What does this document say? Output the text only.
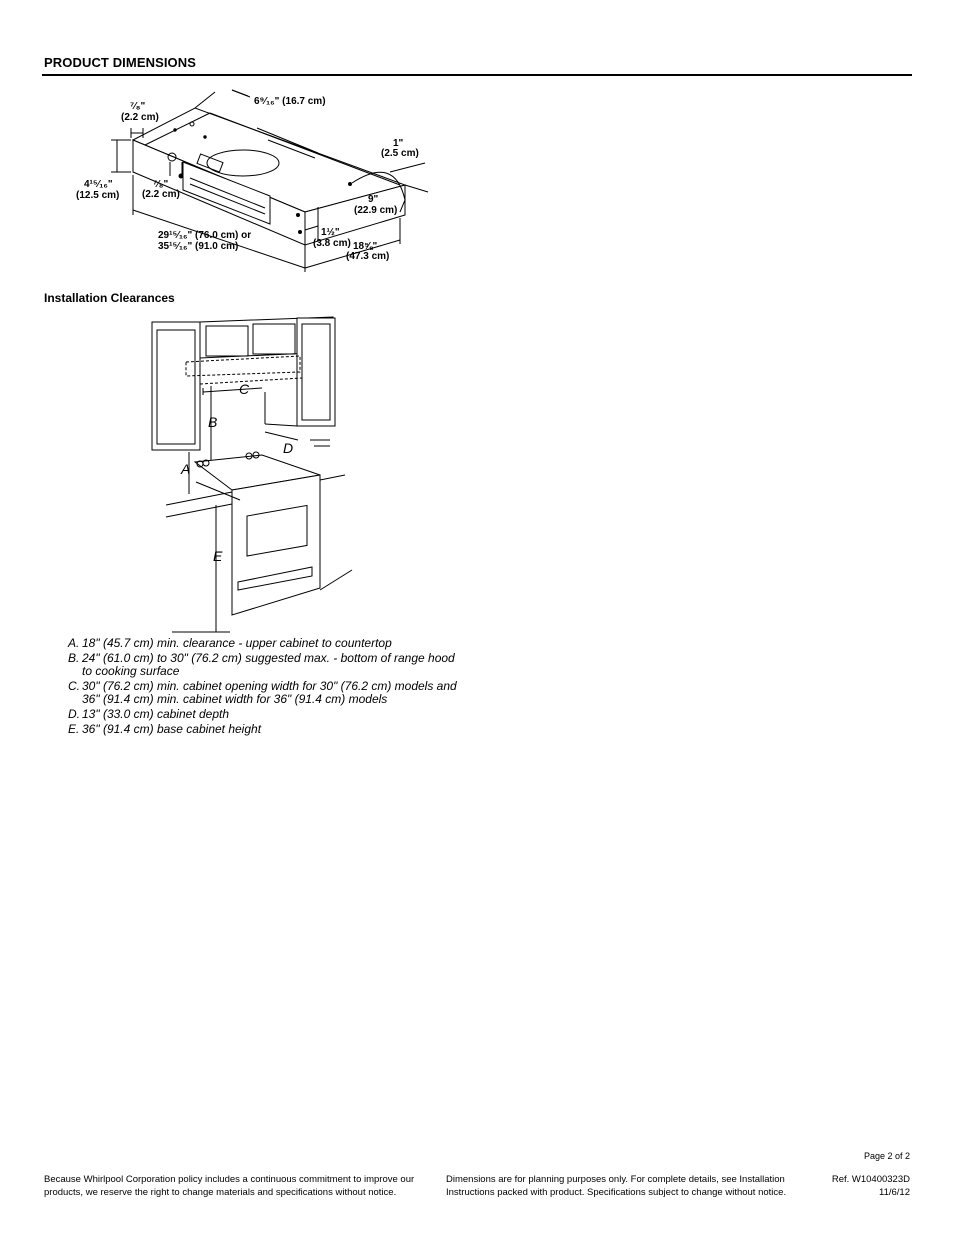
PRODUCT DIMENSIONS
6⁹⁄₁₆" (16.7 cm)
⁷⁄₈"
(2.2 cm)
4¹⁵⁄₁₆"
(12.5 cm)
⁷⁄₈"
(2.2 cm)
1"
(2.5 cm)
9"
(22.9 cm)
29¹⁵⁄₁₆" (76.0 cm) or
35¹⁵⁄₁₆" (91.0 cm)
1½"
(3.8 cm) 18⅝"
(47.3 cm)
Installation Clearances
C
B
D
A
E
A. 18" (45.7 cm) min. clearance - upper cabinet to countertop
B. 24" (61.0 cm) to 30" (76.2 cm) suggested max. - bottom of range hood to cooking surface
C. 30" (76.2 cm) min. cabinet opening width for 30" (76.2 cm) models and 36" (91.4 cm) min. cabinet width for 36" (91.4 cm) models
D. 13" (33.0 cm) cabinet depth
E. 36" (91.4 cm) base cabinet height
Page 2 of 2
Because Whirlpool Corporation policy includes a continuous commitment to improve our products, we reserve the right to change materials and specifications without notice.
Dimensions are for planning purposes only. For complete details, see Installation Instructions packed with product. Specifications subject to change without notice.
Ref. W10400323D
11/6/12
